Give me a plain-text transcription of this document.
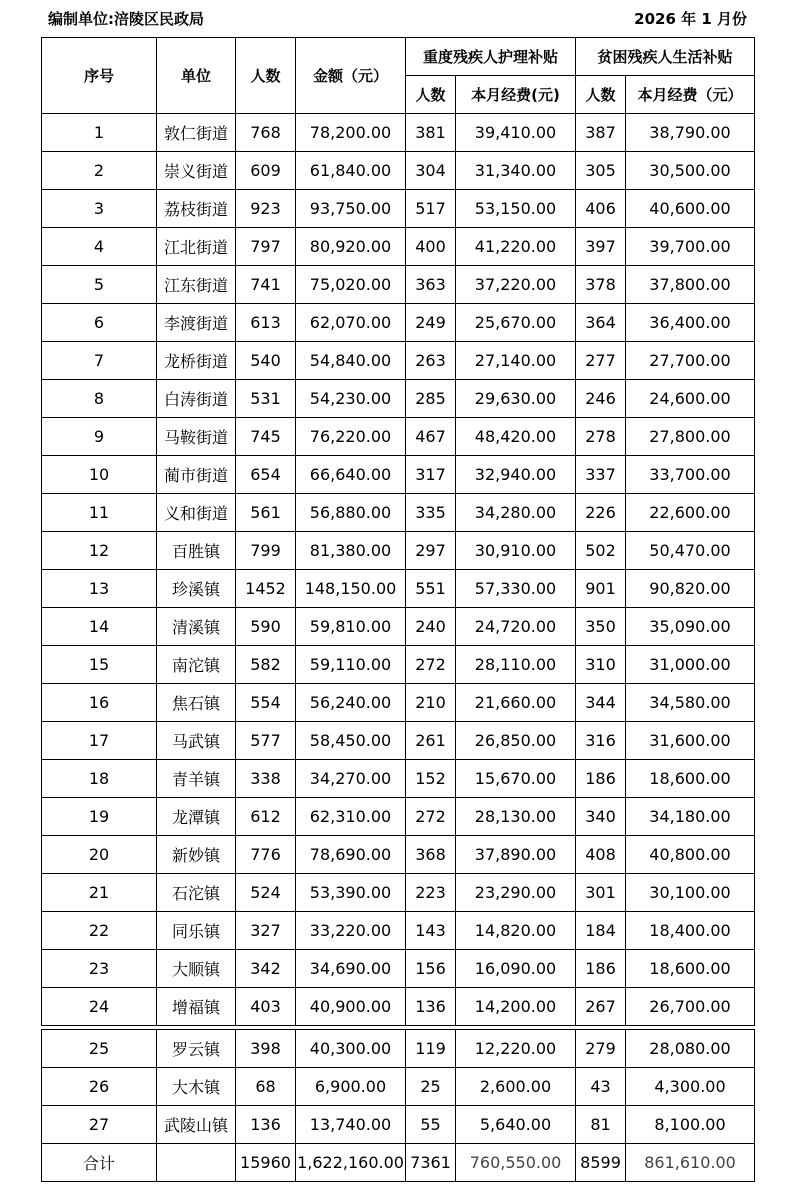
编制单位:涪陵区民政局	2026 年 1 月份
序号	单位	人数	金额（元）	重度残疾人护理补贴		贫困残疾人生活补贴	
				人数	本月经费(元)	人数	本月经费（元）
1	敦仁街道	768	78,200.00	381	39,410.00	387	38,790.00
2	崇义街道	609	61,840.00	304	31,340.00	305	30,500.00
3	荔枝街道	923	93,750.00	517	53,150.00	406	40,600.00
4	江北街道	797	80,920.00	400	41,220.00	397	39,700.00
5	江东街道	741	75,020.00	363	37,220.00	378	37,800.00
6	李渡街道	613	62,070.00	249	25,670.00	364	36,400.00
7	龙桥街道	540	54,840.00	263	27,140.00	277	27,700.00
8	白涛街道	531	54,230.00	285	29,630.00	246	24,600.00
9	马鞍街道	745	76,220.00	467	48,420.00	278	27,800.00
10	蔺市街道	654	66,640.00	317	32,940.00	337	33,700.00
11	义和街道	561	56,880.00	335	34,280.00	226	22,600.00
12	百胜镇	799	81,380.00	297	30,910.00	502	50,470.00
13	珍溪镇	1452	148,150.00	551	57,330.00	901	90,820.00
14	清溪镇	590	59,810.00	240	24,720.00	350	35,090.00
15	南沱镇	582	59,110.00	272	28,110.00	310	31,000.00
16	焦石镇	554	56,240.00	210	21,660.00	344	34,580.00
17	马武镇	577	58,450.00	261	26,850.00	316	31,600.00
18	青羊镇	338	34,270.00	152	15,670.00	186	18,600.00
19	龙潭镇	612	62,310.00	272	28,130.00	340	34,180.00
20	新妙镇	776	78,690.00	368	37,890.00	408	40,800.00
21	石沱镇	524	53,390.00	223	23,290.00	301	30,100.00
22	同乐镇	327	33,220.00	143	14,820.00	184	18,400.00
23	大顺镇	342	34,690.00	156	16,090.00	186	18,600.00
24	增福镇	403	40,900.00	136	14,200.00	267	26,700.00

25	罗云镇	398	40,300.00	119	12,220.00	279	28,080.00
26	大木镇	68	6,900.00	25	2,600.00	43	4,300.00
27	武陵山镇	136	13,740.00	55	5,640.00	81	8,100.00
合计		15960	1,622,160.00	7361	760,550.00	8599	861,610.00
